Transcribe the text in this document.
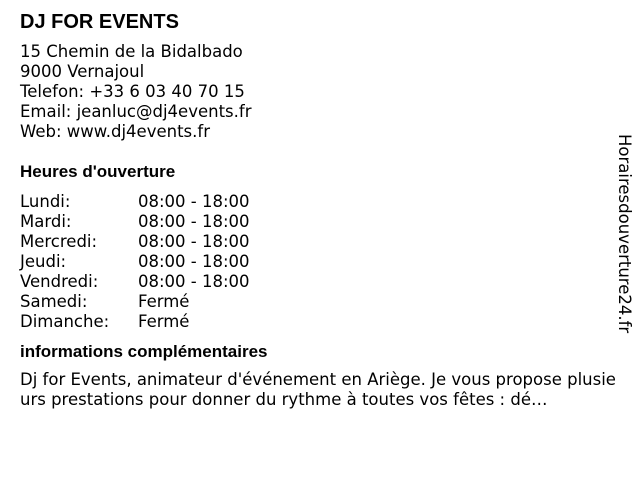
DJ FOR EVENTS
15 Chemin de la Bidalbado
9000 Vernajoul
Telefon: +33 6 03 40 70 15
Email: jeanluc@dj4events.fr
Web: www.dj4events.fr
Heures d'ouverture
Lundi:	08:00 - 18:00
Mardi:	08:00 - 18:00
Mercredi:	08:00 - 18:00
Jeudi:	08:00 - 18:00
Vendredi:	08:00 - 18:00
Samedi:	Fermé
Dimanche:	Fermé
informations complémentaires
Dj for Events, animateur d'événement en Ariège. Je vous propose plusieurs prestations pour donner du rythme à toutes vos fêtes : dé…
Horairesdouverture24.fr
